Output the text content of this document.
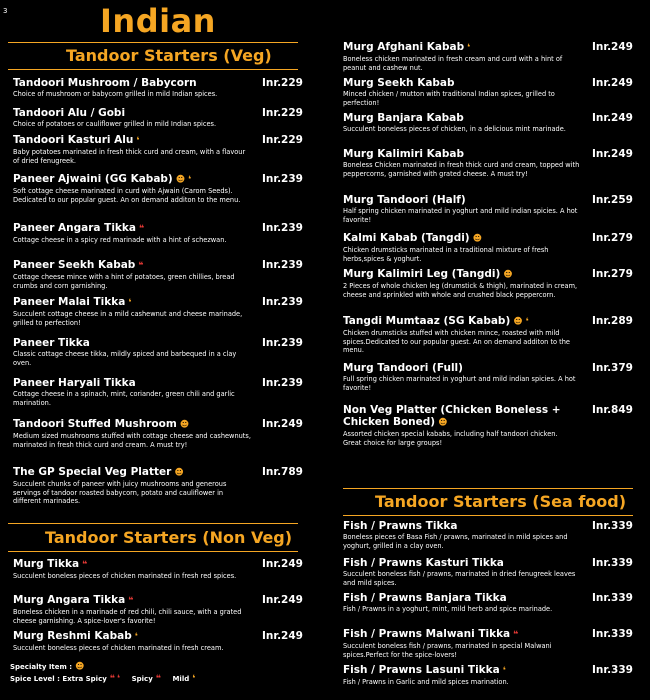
3	Indian
Tandoor Starters (Veg)
Tandoori Mushroom / Babycorn
Choice of mushroom or babycorn grilled in mild Indian spices.
Inr.229
Tandoori Alu / Gobi
Choice of potatoes or cauliflower grilled in mild Indian spices.
Inr.229
Tandoori Kasturi Alu ❛
Baby potatoes marinated in fresh thick curd and cream, with a flavour of dried fenugreek.
Inr.229
Paneer Ajwaini (GG Kabab) ☻ ❛
Soft cottage cheese marinated in curd with Ajwain (Carom Seeds). Dedicated to our popular guest. An on demand additon to the menu.
Inr.239
Paneer Angara Tikka ❛❛
Cottage cheese in a spicy red marinade with a hint of schezwan.
Inr.239
Paneer Seekh Kabab ❛❛
Cottage cheese mince with a hint of potatoes, green chillies, bread crumbs and corn garnishing.
Inr.239
Paneer Malai Tikka ❛
Succulent cottage cheese in a mild cashewnut and cheese marinade, grilled to perfection!
Inr.239
Paneer Tikka
Classic cottage cheese tikka, mildly spiced and barbequed in a clay oven.
Inr.239
Paneer Haryali Tikka
Cottage cheese in a spinach, mint, coriander, green chili and garlic marination.
Inr.239
Tandoori Stuffed Mushroom ☻
Medium sized mushrooms stuffed with cottage cheese and cashewnuts, marinated in fresh thick curd and cream. A must try!
Inr.249
The GP Special Veg Platter ☻
Succulent chunks of paneer with juicy mushrooms and generous servings of tandoor roasted babycorn, potato and cauliflower in different marinades.
Inr.789
Tandoor Starters (Non Veg)
Murg Tikka ❛❛
Succulent boneless pieces of chicken marinated in fresh red spices.
Inr.249
Murg Angara Tikka ❛❛
Boneless chicken in a marinade of red chili, chili sauce, with a grated cheese garnishing. A spice-lover's favorite!
Inr.249
Murg Reshmi Kabab ❛
Succulent boneless pieces of chicken marinated in fresh cream.
Inr.249
Specialty Item : ☻
Spice Level : Extra Spicy ❛❛ ❛ Spicy ❛❛ Mild ❛
Murg Afghani Kabab ❛
Boneless chicken marinated in fresh cream and curd with a hint of peanut and cashew nut.
Inr.249
Murg Seekh Kabab
Minced chicken / mutton with traditional Indian spices, grilled to perfection!
Inr.249
Murg Banjara Kabab
Succulent boneless pieces of chicken, in a delicious mint marinade.
Inr.249
Murg Kalimiri Kabab
Boneless Chicken marinated in fresh thick curd and cream, topped with peppercorns, garnished with grated cheese. A must try!
Inr.249
Murg Tandoori (Half)
Half spring chicken marinated in yoghurt and mild indian spicies. A hot favorite!
Inr.259
Kalmi Kabab (Tangdi) ☻
Chicken drumsticks marinated in a traditional mixture of fresh herbs,spices & yoghurt.
Inr.279
Murg Kalimiri Leg (Tangdi) ☻
2 Pieces of whole chicken leg (drumstick & thigh), marinated in cream, cheese and sprinkled with whole and crushed black peppercorn.
Inr.279
Tangdi Mumtaaz (SG Kabab) ☻ ❛
Chicken drumsticks stuffed with chicken mince, roasted with mild spices.Dedicated to our popular guest. An on demand additon to the menu.
Inr.289
Murg Tandoori (Full)
Full spring chicken marinated in yoghurt and mild indian spicies. A hot favorite!
Inr.379
Non Veg Platter (Chicken Boneless + Chicken Boned) ☻
Assorted chicken special kababs, including half tandoori chicken. Great choice for large groups!
Inr.849
Tandoor Starters (Sea food)
Fish / Prawns Tikka
Boneless pieces of Basa Fish / prawns, marinated in mild spices and yoghurt, grilled in a clay oven.
Inr.339
Fish / Prawns Kasturi Tikka
Succulent boneless fish / prawns, marinated in dried fenugreek leaves and mild spices.
Inr.339
Fish / Prawns Banjara Tikka
Fish / Prawns in a yoghurt, mint, mild herb and spice marinade.
Inr.339
Fish / Prawns Malwani Tikka ❛❛
Succulent boneless fish / prawns, marinated in special Malwani spices.Perfect for the spice-lovers!
Inr.339
Fish / Prawns Lasuni Tikka ❛
Fish / Prawns in Garlic and mild spices marination.
Inr.339
